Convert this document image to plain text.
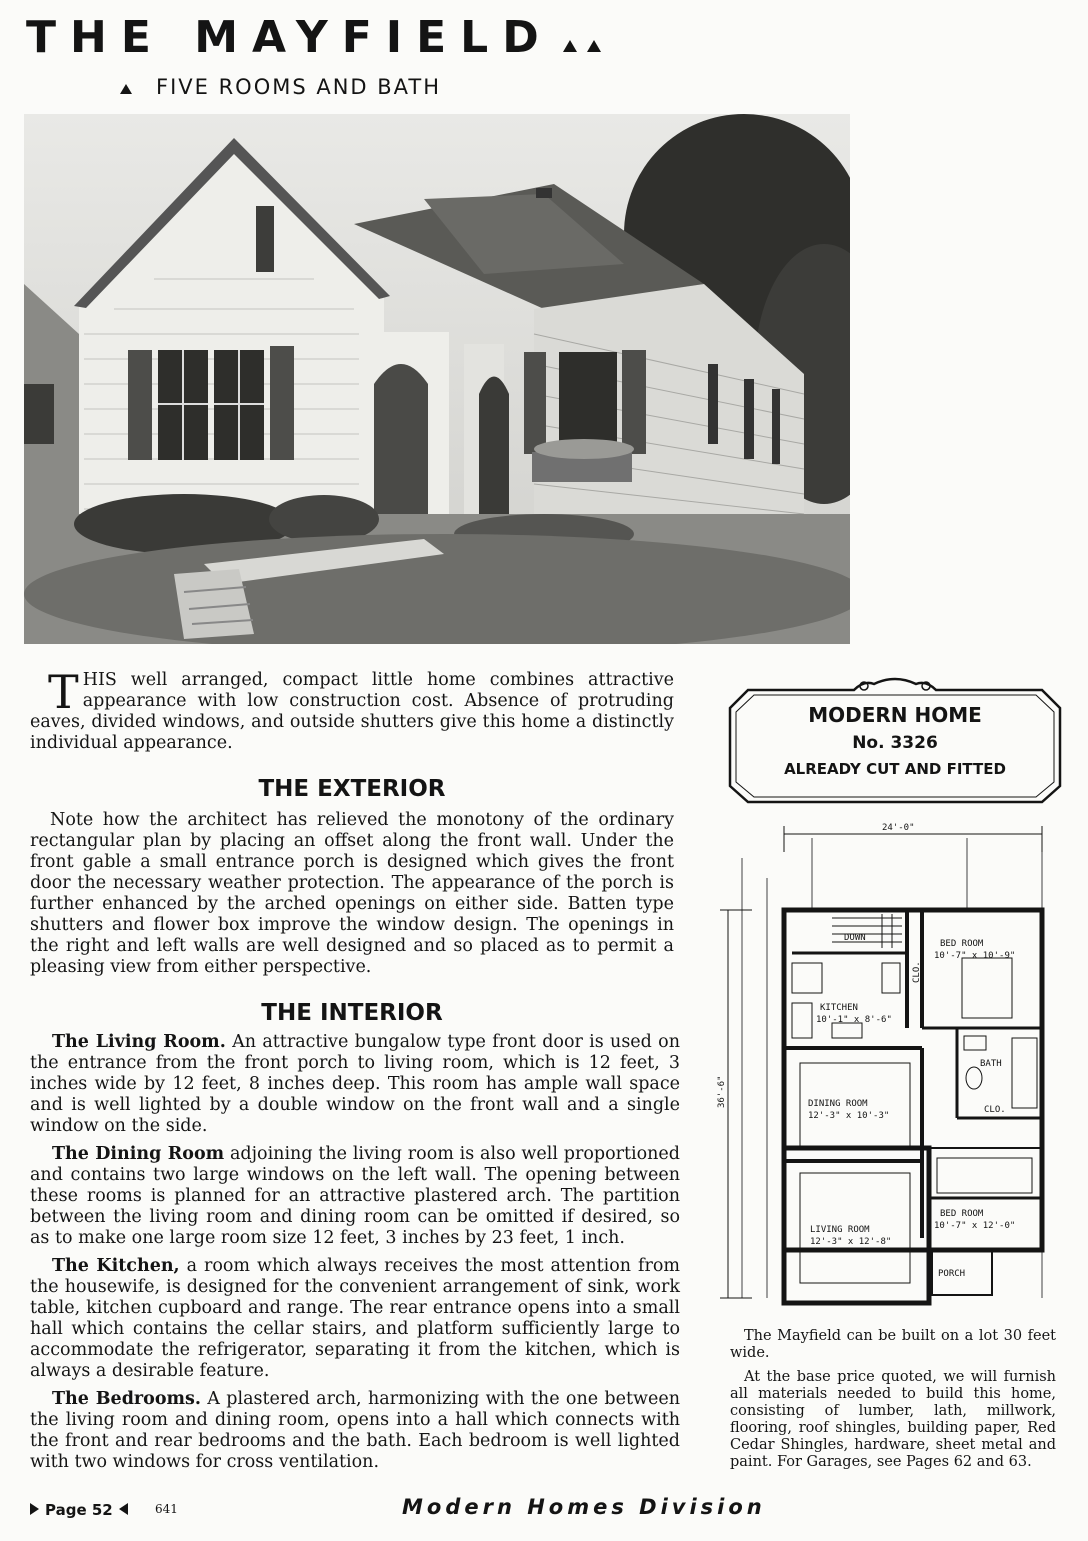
THE MAYFIELD
FIVE ROOMS AND BATH
T HIS well arranged, compact little home combines attractive appearance with low construction cost. Absence of protruding eaves, divided windows, and outside shutters give this home a distinctly individual appearance.
THE EXTERIOR
Note how the architect has relieved the monotony of the ordinary rectangular plan by placing an offset along the front wall. Under the front gable a small entrance porch is designed which gives the front door the necessary weather protection. The appearance of the porch is further enhanced by the arched openings on either side. Batten type shutters and flower box improve the window design. The openings in the right and left walls are well designed and so placed as to permit a pleasing view from either perspective.
THE INTERIOR

The Living Room. An attractive bungalow type front door is used on the entrance from the front porch to living room, which is 12 feet, 3 inches wide by 12 feet, 8 inches deep. This room has ample wall space and is well lighted by a double window on the front wall and a single window on the side.

The Dining Room adjoining the living room is also well proportioned and contains two large windows on the left wall. The opening between these rooms is planned for an attractive plastered arch. The partition between the living room and dining room can be omitted if desired, so as to make one large room size 12 feet, 3 inches by 23 feet, 1 inch.

The Kitchen, a room which always receives the most attention from the housewife, is designed for the convenient arrangement of sink, work table, kitchen cupboard and range. The rear entrance opens into a small hall which contains the cellar stairs, and platform sufficiently large to accommodate the refrigerator, separating it from the kitchen, which is always a desirable feature.

The Bedrooms. A plastered arch, harmonizing with the one between the living room and dining room, opens into a hall which connects with the front and rear bedrooms and the bath. Each bedroom is well lighted with two windows for cross ventilation.

MODERN HOME
No. 3326
ALREADY CUT AND FITTED
24'-0"
36'-6"
DOWN
BED ROOM
10'-7" x 10'-9"
KITCHEN
10'-1" x 8'-6"
CLO.
BATH
DINING ROOM
12'-3" x 10'-3"
CLO.
BED ROOM
10'-7" x 12'-0"
LIVING ROOM
12'-3" x 12'-8"
PORCH

The Mayfield can be built on a lot 30 feet wide.

At the base price quoted, we will furnish all materials needed to build this home, consisting of lumber, lath, millwork, flooring, roof shingles, building paper, Red Cedar Shingles, hardware, sheet metal and paint. For Garages, see Pages 62 and 63.

Page 52	641	Modern Homes Division
